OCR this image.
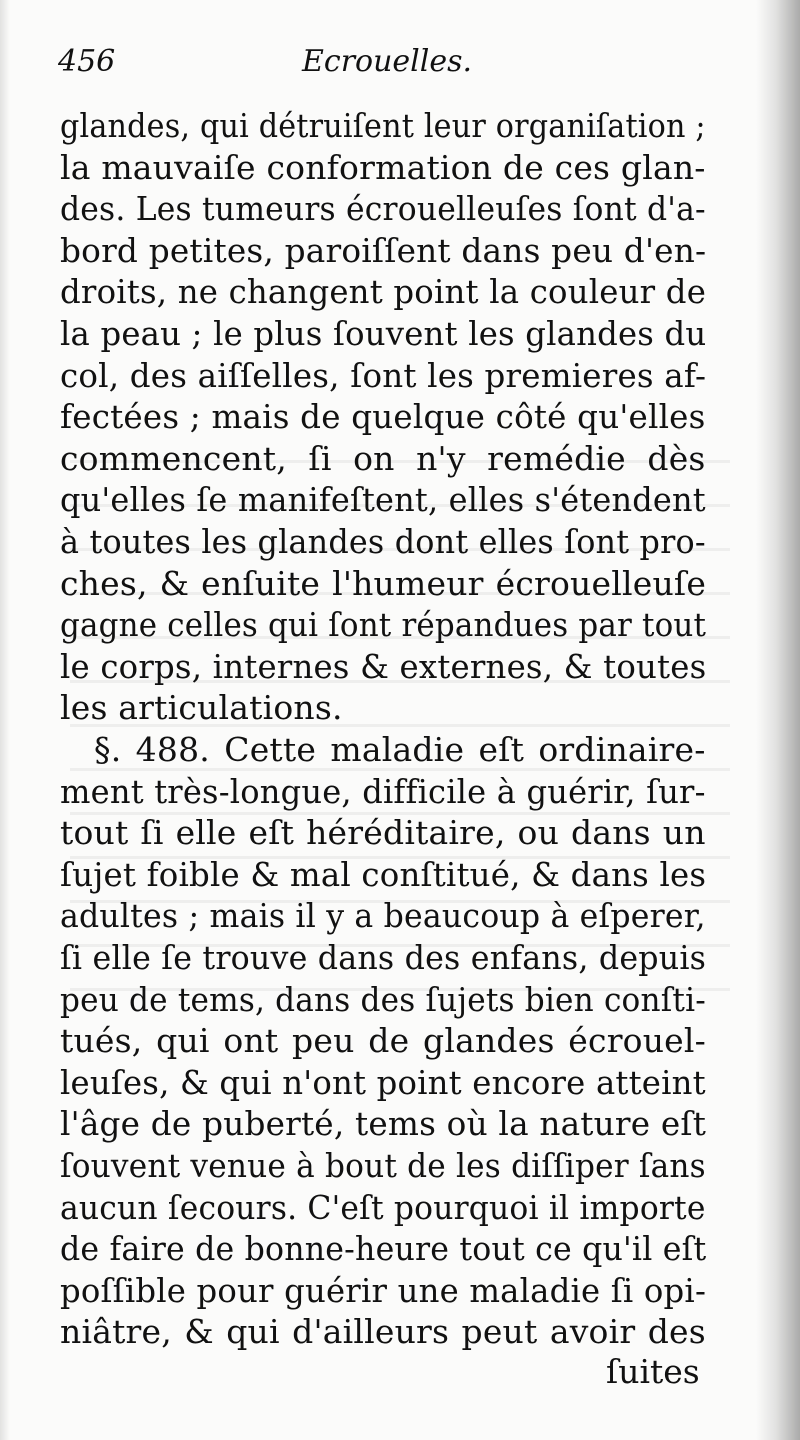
456	Ecrouelles.
glandes, qui détruiſent leur organiſation ;
la mauvaiſe conformation de ces glan-
des. Les tumeurs écrouelleuſes ſont d'a-
bord petites, paroiſſent dans peu d'en-
droits, ne changent point la couleur de
la peau ; le plus ſouvent les glandes du
col, des aiſſelles, ſont les premieres af-
fectées ; mais de quelque côté qu'elles
commencent, ſi on n'y remédie dès
qu'elles ſe manifeſtent, elles s'étendent
à toutes les glandes dont elles ſont pro-
ches, & enſuite l'humeur écrouelleuſe
gagne celles qui ſont répandues par tout
le corps, internes & externes, & toutes
les articulations.
§. 488. Cette maladie eſt ordinaire-
ment très-longue, difficile à guérir, ſur-
tout ſi elle eſt héréditaire, ou dans un
ſujet foible & mal conſtitué, & dans les
adultes ; mais il y a beaucoup à eſperer,
ſi elle ſe trouve dans des enfans, depuis
peu de tems, dans des ſujets bien conſti-
tués, qui ont peu de glandes écrouel-
leuſes, & qui n'ont point encore atteint
l'âge de puberté, tems où la nature eſt
ſouvent venue à bout de les diſſiper ſans
aucun ſecours. C'eſt pourquoi il importe
de faire de bonne-heure tout ce qu'il eſt
poſſible pour guérir une maladie ſi opi-
niâtre, & qui d'ailleurs peut avoir des
ſuites
